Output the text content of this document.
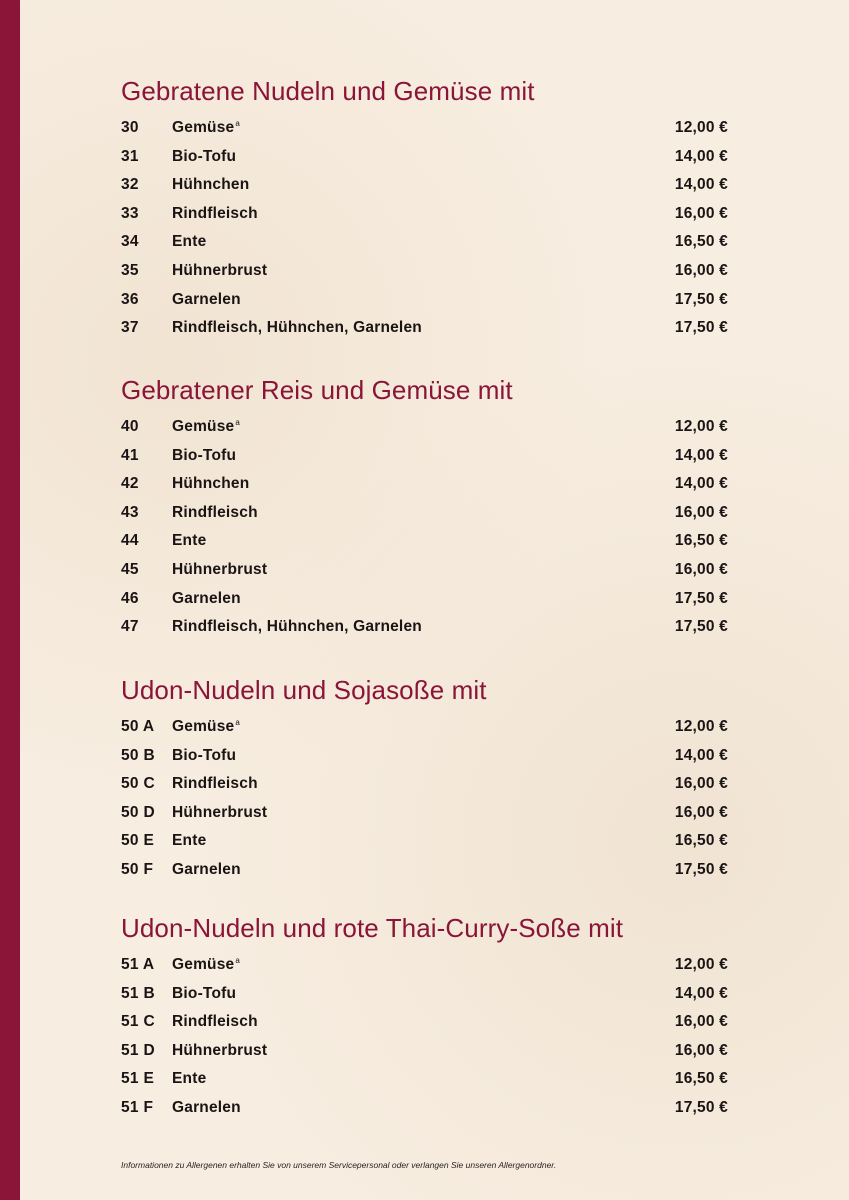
Gebratene Nudeln und Gemüse mit
30	Gemüse$^a$	12,00 €
31	Bio-Tofu	14,00 €
32	Hühnchen	14,00 €
33	Rindfleisch	16,00 €
34	Ente	16,50 €
35	Hühnerbrust	16,00 €
36	Garnelen	17,50 €
37	Rindfleisch, Hühnchen, Garnelen	17,50 €
Gebratener Reis und Gemüse mit
40	Gemüse$^a$	12,00 €
41	Bio-Tofu	14,00 €
42	Hühnchen	14,00 €
43	Rindfleisch	16,00 €
44	Ente	16,50 €
45	Hühnerbrust	16,00 €
46	Garnelen	17,50 €
47	Rindfleisch, Hühnchen, Garnelen	17,50 €
Udon-Nudeln und Sojasoße mit
50 A	Gemüse$^a$	12,00 €
50 B	Bio-Tofu	14,00 €
50 C	Rindfleisch	16,00 €
50 D	Hühnerbrust	16,00 €
50 E	Ente	16,50 €
50 F	Garnelen	17,50 €
Udon-Nudeln und rote Thai-Curry-Soße mit
51 A	Gemüse$^a$	12,00 €
51 B	Bio-Tofu	14,00 €
51 C	Rindfleisch	16,00 €
51 D	Hühnerbrust	16,00 €
51 E	Ente	16,50 €
51 F	Garnelen	17,50 €
Informationen zu Allergenen erhalten Sie von unserem Servicepersonal oder verlangen Sie unseren Allergenordner.
